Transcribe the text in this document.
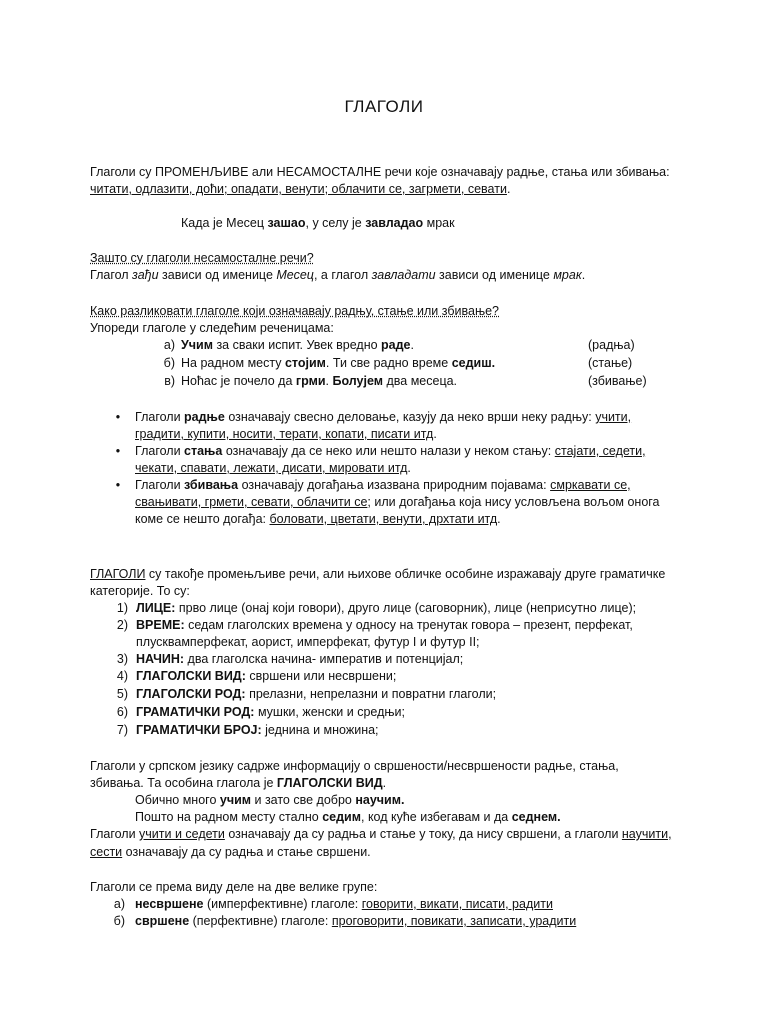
ГЛАГОЛИ
Глаголи су ПРОМЕНЉИВЕ али НЕСАМОСТАЛНЕ речи које означавају радње, стања или збивања:
читати, одлазити, доћи; опадати, венути; облачити се, загрмети, севати.
Када је Месец зашао, у селу је завладао мрак
Зашто су глаголи несамосталне речи?
Глагол зађи зависи од именице Месец, а глагол завладати зависи од именице мрак.
Како разликовати глаголе који означавају радњу, стање или збивање?
Упореди глаголе у следећим реченицама:
а) Учим за сваки испит. Увек вредно раде.	(радња)
б) На радном месту стојим. Ти све радно време седиш.	(стање)
в) Ноћас је почело да грми. Болујем два месеца.	(збивање)
• Глаголи радње означавају свесно деловање, казују да неко врши неку радњу: учити,
градити, купити, носити, терати, копати, писати итд.
• Глаголи стања означавају да се неко или нешто налази у неком стању: стајати, седети,
чекати, спавати, лежати, дисати, мировати итд.
• Глаголи збивања означавају догађања изазвана природним појавама: смркавати се,
свањивати, грмети, севати, облачити се; или догађања која нису условљена вољом онога
коме се нешто догађа: боловати, цветати, венути, дрхтати итд.
ГЛАГОЛИ су такође промењљиве речи, али њихове обличке особине изражавају друге граматичке
категорије. То су:
1) ЛИЦЕ: прво лице (онај који говори), друго лице (саговорник), лице (неприсутно лице);
2) ВРЕМЕ: седам глаголских времена у односу на тренутак говора – презент, перфекат,
плусквамперфекат, аорист, имперфекат, футур I и футур II;
3) НАЧИН: два глаголска начина- императив и потенцијал;
4) ГЛАГОЛСКИ ВИД: свршени или несвршени;
5) ГЛАГОЛСКИ РОД: прелазни, непрелазни и повратни глаголи;
6) ГРАМАТИЧКИ РОД: мушки, женски и средњи;
7) ГРАМАТИЧКИ БРОЈ: једнина и множина;
Глаголи у српском језику садрже информацију о свршености/несвршености радње, стања,
збивања. Та особина глагола је ГЛАГОЛСКИ ВИД.
Обично много учим и зато све добро научим.
Пошто на радном месту стално седим, код куће избегавам и да седнем.
Глаголи учити и седети означавају да су радња и стање у току, да нису свршени, а глаголи научити,
сести означавају да су радња и стање свршени.
Глаголи се према виду деле на две велике групе:
а) несвршене (имперфективне) глаголе: говорити, викати, писати, радити
б) свршене (перфективне) глаголе: проговорити, повикати, записати, урадити
